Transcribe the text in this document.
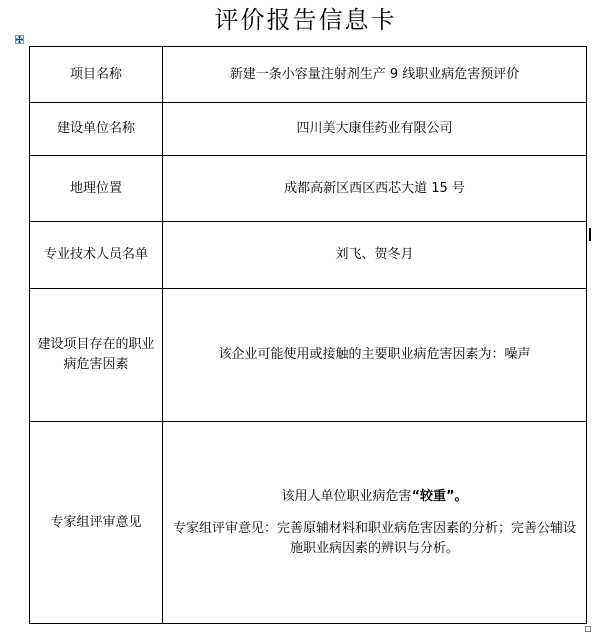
评价报告信息卡
项目名称	新建一条小容量注射剂生产 9 线职业病危害预评价
建设单位名称	四川美大康佳药业有限公司
地理位置	成都高新区西区西芯大道 15 号
专业技术人员名单	刘飞、贺冬月
建设项目存在的职业病危害因素	该企业可能使用或接触的主要职业病危害因素为：噪声
专家组评审意见	该用人单位职业病危害“较重”。
专家组评审意见：完善原辅材料和职业病危害因素的分析；完善公辅设施职业病因素的辨识与分析。
